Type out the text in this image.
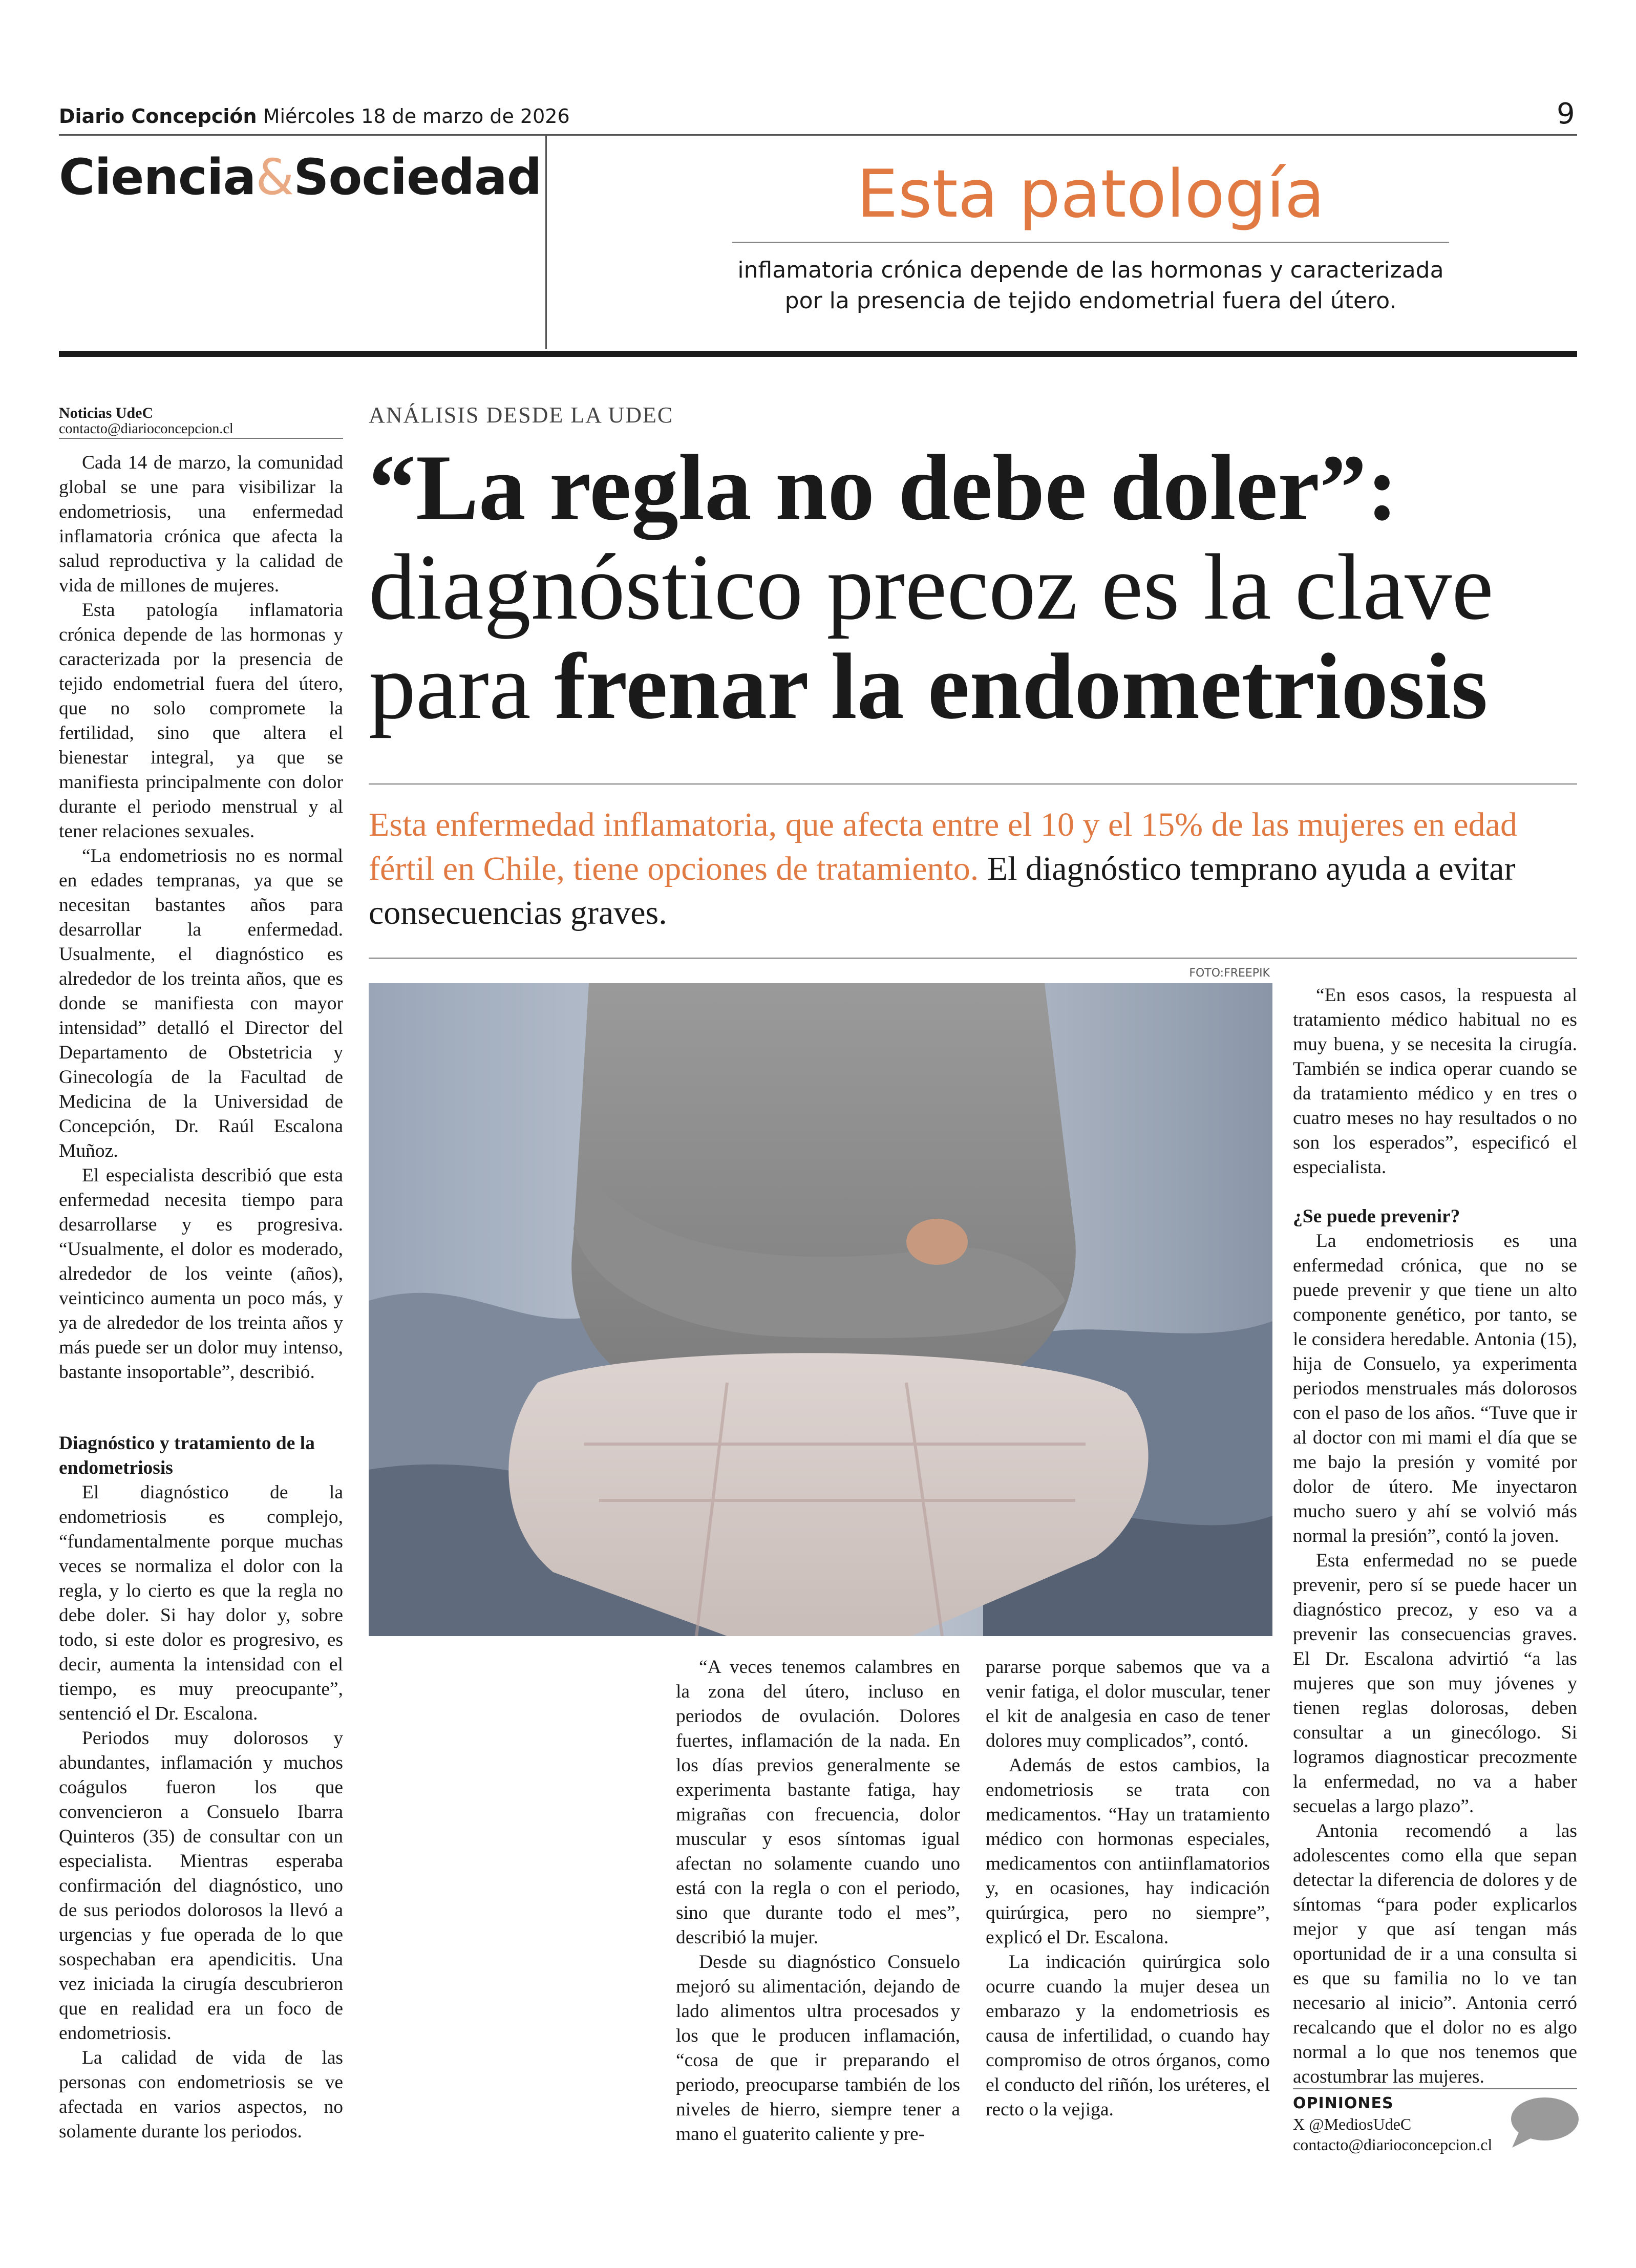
Diario Concepción Miércoles 18 de marzo de 2026	9
Ciencia&Sociedad	Esta patología
inflamatoria crónica depende de las hormonas y caracterizada por la presencia de tejido endometrial fuera del útero.
Noticias UdeC
contacto@diarioconcepcion.cl
ANÁLISIS DESDE LA UDEC
“La regla no debe doler”:
diagnóstico precoz es la clave
para frenar la endometriosis
Esta enfermedad inflamatoria, que afecta entre el 10 y el 15% de las mujeres en edad fértil en Chile, tiene opciones de tratamiento. El diagnóstico temprano ayuda a evitar consecuencias graves.
FOTO:FREEPIK

Cada 14 de marzo, la comunidad global se une para visibilizar la endometriosis, una enfermedad inflamatoria crónica que afecta la salud reproductiva y la calidad de vida de millones de mujeres.

Esta patología inflamatoria crónica depende de las hormonas y caracterizada por la presencia de tejido endometrial fuera del útero, que no solo compromete la fertilidad, sino que altera el bienestar integral, ya que se manifiesta principalmente con dolor durante el periodo menstrual y al tener relaciones sexuales.

“La endometriosis no es normal en edades tempranas, ya que se necesitan bastantes años para desarrollar la enfermedad. Usualmente, el diagnóstico es alrededor de los treinta años, que es donde se manifiesta con mayor intensidad” detalló el Director del Departamento de Obstetricia y Ginecología de la Facultad de Medicina de la Universidad de Concepción, Dr. Raúl Escalona Muñoz.

El especialista describió que esta enfermedad necesita tiempo para desarrollarse y es progresiva. “Usualmente, el dolor es moderado, alrededor de los veinte (años), veinticinco aumenta un poco más, y ya de alrededor de los treinta años y más puede ser un dolor muy intenso, bastante insoportable”, describió.

Diagnóstico y tratamiento de la endometriosis

El diagnóstico de la endometriosis es complejo, “fundamentalmente porque muchas veces se normaliza el dolor con la regla, y lo cierto es que la regla no debe doler. Si hay dolor y, sobre todo, si este dolor es progresivo, es decir, aumenta la intensidad con el tiempo, es muy preocupante”, sentenció el Dr. Escalona.

Periodos muy dolorosos y abundantes, inflamación y muchos coágulos fueron los que convencieron a Consuelo Ibarra Quinteros (35) de consultar con un especialista. Mientras esperaba confirmación del diagnóstico, uno de sus periodos dolorosos la llevó a urgencias y fue operada de lo que sospechaban era apendicitis. Una vez iniciada la cirugía descubrieron que en realidad era un foco de endometriosis.

La calidad de vida de las personas con endometriosis se ve afectada en varios aspectos, no solamente durante los periodos.

“A veces tenemos calambres en la zona del útero, incluso en periodos de ovulación. Dolores fuertes, inflamación de la nada. En los días previos generalmente se experimenta bastante fatiga, hay migrañas con frecuencia, dolor muscular y esos síntomas igual afectan no solamente cuando uno está con la regla o con el periodo, sino que durante todo el mes”, describió la mujer.

Desde su diagnóstico Consuelo mejoró su alimentación, dejando de lado alimentos ultra procesados y los que le producen inflamación, “cosa de que ir preparando el periodo, preocuparse también de los niveles de hierro, siempre tener a mano el guaterito caliente y pre-

pararse porque sabemos que va a venir fatiga, el dolor muscular, tener el kit de analgesia en caso de tener dolores muy complicados”, contó.

Además de estos cambios, la endometriosis se trata con medicamentos. “Hay un tratamiento médico con hormonas especiales, medicamentos con antiinflamatorios y, en ocasiones, hay indicación quirúrgica, pero no siempre”, explicó el Dr. Escalona.

La indicación quirúrgica solo ocurre cuando la mujer desea un embarazo y la endometriosis es causa de infertilidad, o cuando hay compromiso de otros órganos, como el conducto del riñón, los uréteres, el recto o la vejiga.

“En esos casos, la respuesta al tratamiento médico habitual no es muy buena, y se necesita la cirugía. También se indica operar cuando se da tratamiento médico y en tres o cuatro meses no hay resultados o no son los esperados”, especificó el especialista.

¿Se puede prevenir?

La endometriosis es una enfermedad crónica, que no se puede prevenir y que tiene un alto componente genético, por tanto, se le considera heredable. Antonia (15), hija de Consuelo, ya experimenta periodos menstruales más dolorosos con el paso de los años. “Tuve que ir al doctor con mi mami el día que se me bajo la presión y vomité por dolor de útero. Me inyectaron mucho suero y ahí se volvió más normal la presión”, contó la joven.

Esta enfermedad no se puede prevenir, pero sí se puede hacer un diagnóstico precoz, y eso va a prevenir las consecuencias graves. El Dr. Escalona advirtió “a las mujeres que son muy jóvenes y tienen reglas dolorosas, deben consultar a un ginecólogo. Si logramos diagnosticar precozmente la enfermedad, no va a haber secuelas a largo plazo”.

Antonia recomendó a las adolescentes como ella que sepan detectar la diferencia de dolores y de síntomas “para poder explicarlos mejor y que así tengan más oportunidad de ir a una consulta si es que su familia no lo ve tan necesario al inicio”. Antonia cerró recalcando que el dolor no es algo normal a lo que nos tenemos que acostumbrar las mujeres.

OPINIONES
X @MediosUdeC
contacto@diarioconcepcion.cl
